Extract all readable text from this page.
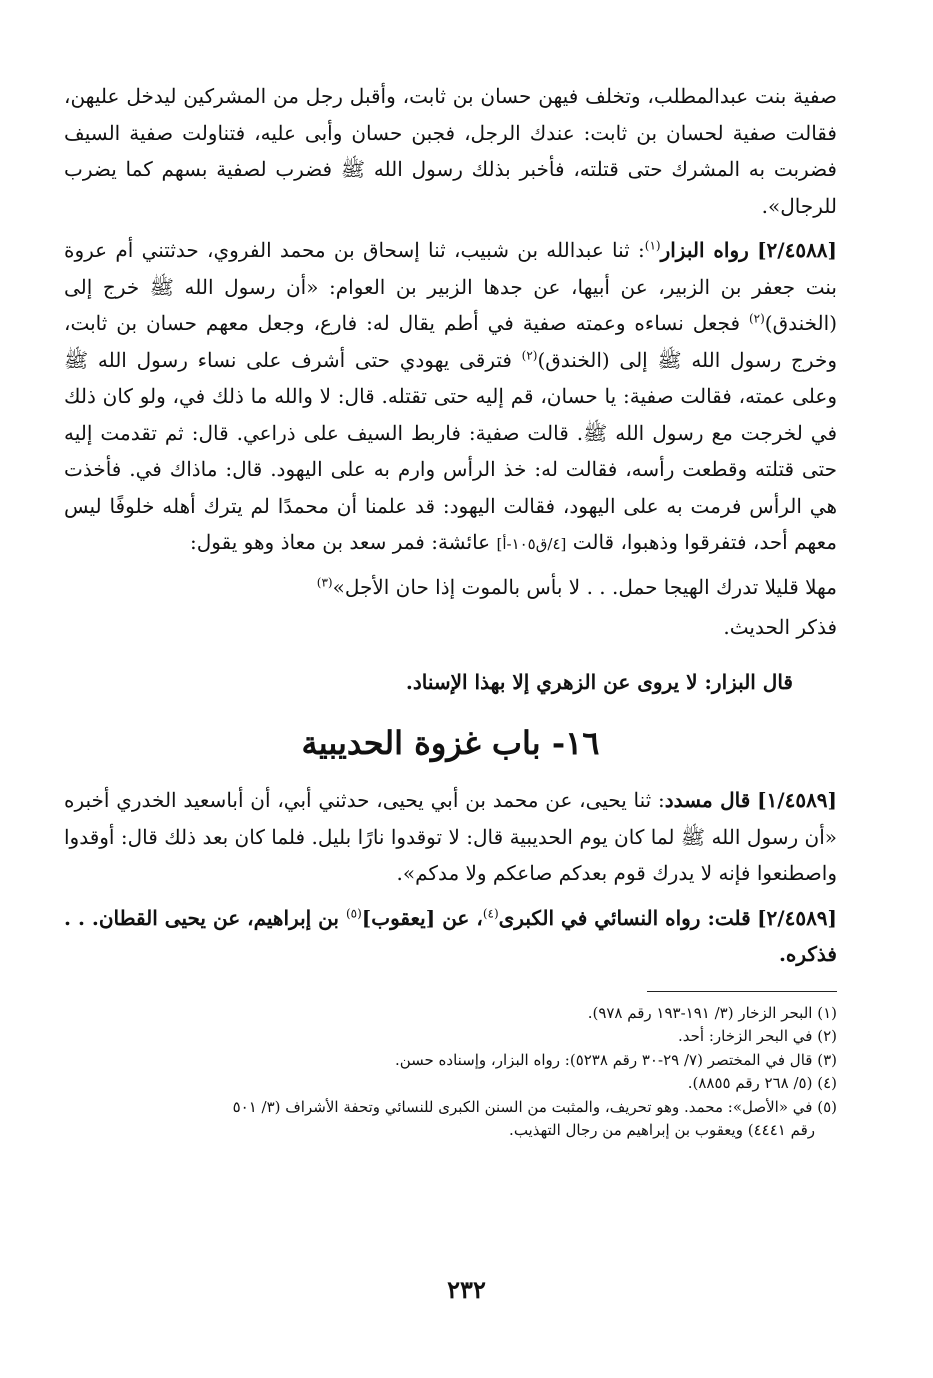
صفية بنت عبدالمطلب، وتخلف فيهن حسان بن ثابت، وأقبل رجل من المشركين ليدخل عليهن، فقالت صفية لحسان بن ثابت: عندك الرجل، فجبن حسان وأبى عليه، فتناولت صفية السيف فضربت به المشرك حتى قتلته، فأخبر بذلك رسول الله ﷺ فضرب لصفية بسهم كما يضرب للرجال».

[٢/٤٥٨٨] رواه البزار$^{(١)}$: ثنا عبدالله بن شبيب، ثنا إسحاق بن محمد الفروي، حدثتني أم عروة بنت جعفر بن الزبير، عن أبيها، عن جدها الزبير بن العوام: «أن رسول الله ﷺ خرج إلى (الخندق)$^{(٢)}$ فجعل نساءه وعمته صفية في أطم يقال له: فارع، وجعل معهم حسان بن ثابت، وخرج رسول الله ﷺ إلى (الخندق)$^{(٢)}$ فترقى يهودي حتى أشرف على نساء رسول الله ﷺ وعلى عمته، فقالت صفية: يا حسان، قم إليه حتى تقتله. قال: لا والله ما ذلك في، ولو كان ذلك في لخرجت مع رسول الله ﷺ. قالت صفية: فاربط السيف على ذراعي. قال: ثم تقدمت إليه حتى قتلته وقطعت رأسه، فقالت له: خذ الرأس وارم به على اليهود. قال: ماذاك في. فأخذت هي الرأس فرمت به على اليهود، فقالت اليهود: قد علمنا أن محمدًا لم يترك أهله خلوفًا ليس معهم أحد، فتفرقوا وذهبوا، قالت [٤/ق١٠٥-أ] عائشة: فمر سعد بن معاذ وهو يقول:

مهلا قليلا تدرك الهيجا حمل. . . لا بأس بالموت إذا حان الأجل»$^{(٣)}$

فذكر الحديث.

قال البزار: لا يروى عن الزهري إلا بهذا الإسناد.

١٦- باب غزوة الحديبية

[١/٤٥٨٩] قال مسدد: ثنا يحيى، عن محمد بن أبي يحيى، حدثني أبي، أن أباسعيد الخدري أخبره «أن رسول الله ﷺ لما كان يوم الحديبية قال: لا توقدوا نارًا بليل. فلما كان بعد ذلك قال: أوقدوا واصطنعوا فإنه لا يدرك قوم بعدكم صاعكم ولا مدكم».

[٢/٤٥٨٩] قلت: رواه النسائي في الكبرى$^{(٤)}$، عن [يعقوب]$^{(٥)}$ بن إبراهيم، عن يحيى القطان. . . فذكره.

(١) البحر الزخار (٣/ ١٩١-١٩٣ رقم ٩٧٨).
(٢) في البحر الزخار: أحد.
(٣) قال في المختصر (٧/ ٢٩-٣٠ رقم ٥٢٣٨): رواه البزار، وإسناده حسن.
(٤) (٥/ ٢٦٨ رقم ٨٨٥٥).
(٥) في «الأصل»: محمد. وهو تحريف، والمثبت من السنن الكبرى للنسائي وتحفة الأشراف (٣/ ٥٠١
رقم ٤٤٤١) ويعقوب بن إبراهيم من رجال التهذيب.
٢٣٢
